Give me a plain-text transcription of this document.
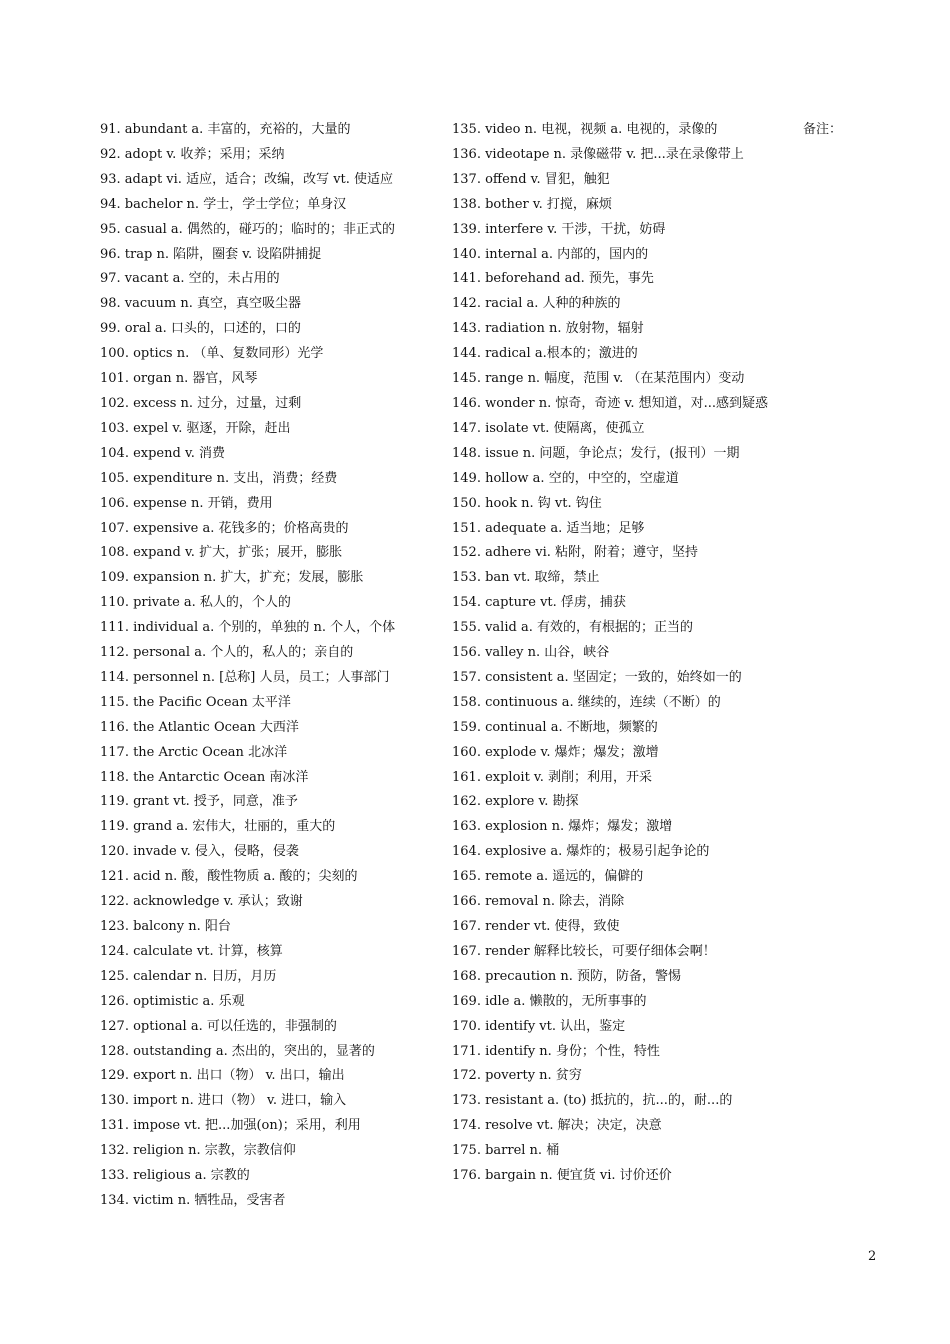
91. abundant a. 丰富的，充裕的，大量的
92. adopt v. 收养；采用；采纳
93. adapt vi. 适应，适合；改编，改写 vt. 使适应
94. bachelor n. 学士，学士学位；单身汉
95. casual a. 偶然的，碰巧的；临时的；非正式的
96. trap n. 陷阱，圈套 v. 设陷阱捕捉
97. vacant a. 空的，未占用的
98. vacuum n. 真空，真空吸尘器
99. oral a. 口头的，口述的，口的
100. optics n. （单、复数同形）光学
101. organ n. 器官，风琴
102. excess n. 过分，过量，过剩
103. expel v. 驱逐，开除，赶出
104. expend v. 消费
105. expenditure n. 支出，消费；经费
106. expense n. 开销，费用
107. expensive a. 花钱多的；价格高贵的
108. expand v. 扩大，扩张；展开，膨胀
109. expansion n. 扩大，扩充；发展，膨胀
110. private a. 私人的，个人的
111. individual a. 个别的，单独的 n. 个人，个体
112. personal a. 个人的，私人的；亲自的
114. personnel n. [总称] 人员，员工；人事部门
115. the Pacific Ocean 太平洋
116. the Atlantic Ocean 大西洋
117. the Arctic Ocean 北冰洋
118. the Antarctic Ocean 南冰洋
119. grant vt. 授予，同意，准予
119. grand a. 宏伟大，壮丽的，重大的
120. invade v. 侵入，侵略，侵袭
121. acid n. 酸，酸性物质 a. 酸的；尖刻的
122. acknowledge v. 承认；致谢
123. balcony n. 阳台
124. calculate vt. 计算，核算
125. calendar n. 日历，月历
126. optimistic a. 乐观
127. optional a. 可以任选的，非强制的
128. outstanding a. 杰出的，突出的，显著的
129. export n. 出口（物） v. 出口，输出
130. import n. 进口（物） v. 进口，输入
131. impose vt. 把...加强(on)；采用，利用
132. religion n. 宗教，宗教信仰
133. religious a. 宗教的
134. victim n. 牺牲品，受害者
135. video n. 电视，视频 a. 电视的，录像的
136. videotape n. 录像磁带 v. 把...录在录像带上
137. offend v. 冒犯，触犯
138. bother v. 打搅，麻烦
139. interfere v. 干涉，干扰，妨碍
140. internal a. 内部的，国内的
141. beforehand ad. 预先，事先
142. racial a. 人种的种族的
143. radiation n. 放射物，辐射
144. radical a.根本的；激进的
145. range n. 幅度，范围 v. （在某范围内）变动
146. wonder n. 惊奇，奇迹 v. 想知道，对...感到疑惑
147. isolate vt. 使隔离，使孤立
148. issue n. 问题，争论点；发行，(报刊）一期
149. hollow a. 空的，中空的，空虚道
150. hook n. 钩 vt. 钩住
151. adequate a. 适当地；足够
152. adhere vi. 粘附，附着；遵守，坚持
153. ban vt. 取缔，禁止
154. capture vt. 俘虏，捕获
155. valid a. 有效的，有根据的；正当的
156. valley n. 山谷，峡谷
157. consistent a. 坚固定；一致的，始终如一的
158. continuous a. 继续的，连续（不断）的
159. continual a. 不断地，频繁的
160. explode v. 爆炸；爆发；激增
161. exploit v. 剥削；利用，开采
162. explore v. 勘探
163. explosion n. 爆炸；爆发；激增
164. explosive a. 爆炸的；极易引起争论的
165. remote a. 遥远的，偏僻的
166. removal n. 除去，消除
167. render vt. 使得，致使
167. render 解释比较长，可要仔细体会啊！
168. precaution n. 预防，防备，警惕
169. idle a. 懒散的，无所事事的
170. identify vt. 认出，鉴定
171. identify n. 身份；个性，特性
172. poverty n. 贫穷
173. resistant a. (to) 抵抗的，抗...的，耐...的
174. resolve vt. 解决；决定，决意
175. barrel n. 桶
176. bargain n. 便宜货 vi. 讨价还价
备注：
2
